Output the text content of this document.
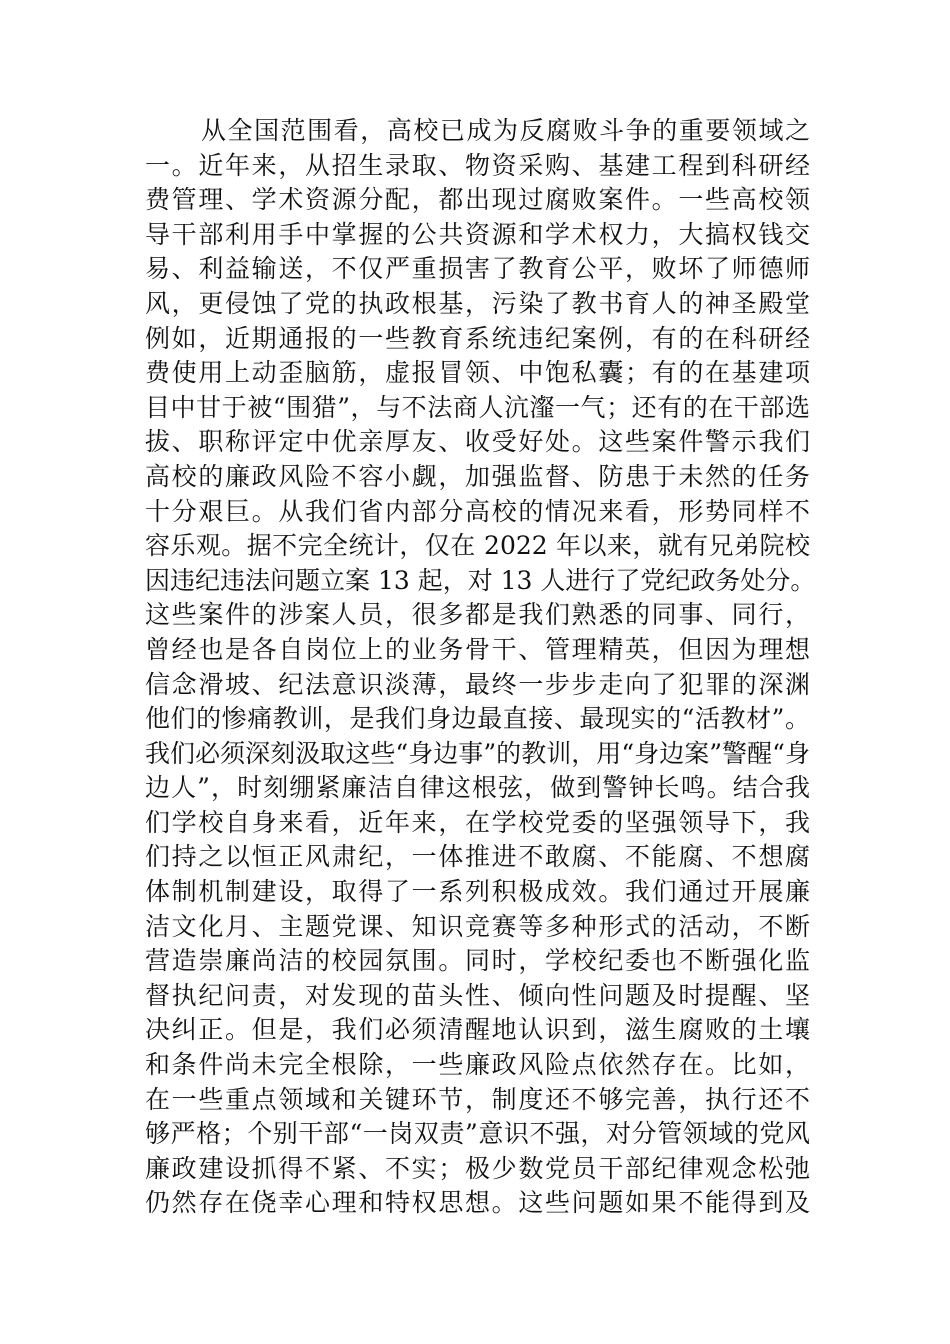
从全国范围看，高校已成为反腐败斗争的重要领域之
一。近年来，从招生录取、物资采购、基建工程到科研经
费管理、学术资源分配，都出现过腐败案件。一些高校领
导干部利用手中掌握的公共资源和学术权力，大搞权钱交
易、利益输送，不仅严重损害了教育公平，败坏了师德师
风，更侵蚀了党的执政根基，污染了教书育人的神圣殿堂
例如，近期通报的一些教育系统违纪案例，有的在科研经
费使用上动歪脑筋，虚报冒领、中饱私囊；有的在基建项
目中甘于被“围猎”，与不法商人沆瀣一气；还有的在干部选
拔、职称评定中优亲厚友、收受好处。这些案件警示我们
高校的廉政风险不容小觑，加强监督、防患于未然的任务
十分艰巨。从我们省内部分高校的情况来看，形势同样不
容乐观。据不完全统计，仅在 2022 年以来，就有兄弟院校
因违纪违法问题立案 13 起，对 13 人进行了党纪政务处分。
这些案件的涉案人员，很多都是我们熟悉的同事、同行，
曾经也是各自岗位上的业务骨干、管理精英，但因为理想
信念滑坡、纪法意识淡薄，最终一步步走向了犯罪的深渊
他们的惨痛教训，是我们身边最直接、最现实的“活教材”。
我们必须深刻汲取这些“身边事”的教训，用“身边案”警醒“身
边人”，时刻绷紧廉洁自律这根弦，做到警钟长鸣。结合我
们学校自身来看，近年来，在学校党委的坚强领导下，我
们持之以恒正风肃纪，一体推进不敢腐、不能腐、不想腐
体制机制建设，取得了一系列积极成效。我们通过开展廉
洁文化月、主题党课、知识竞赛等多种形式的活动，不断
营造崇廉尚洁的校园氛围。同时，学校纪委也不断强化监
督执纪问责，对发现的苗头性、倾向性问题及时提醒、坚
决纠正。但是，我们必须清醒地认识到，滋生腐败的土壤
和条件尚未完全根除，一些廉政风险点依然存在。比如，
在一些重点领域和关键环节，制度还不够完善，执行还不
够严格；个别干部“一岗双责”意识不强，对分管领域的党风
廉政建设抓得不紧、不实；极少数党员干部纪律观念松弛
仍然存在侥幸心理和特权思想。这些问题如果不能得到及
